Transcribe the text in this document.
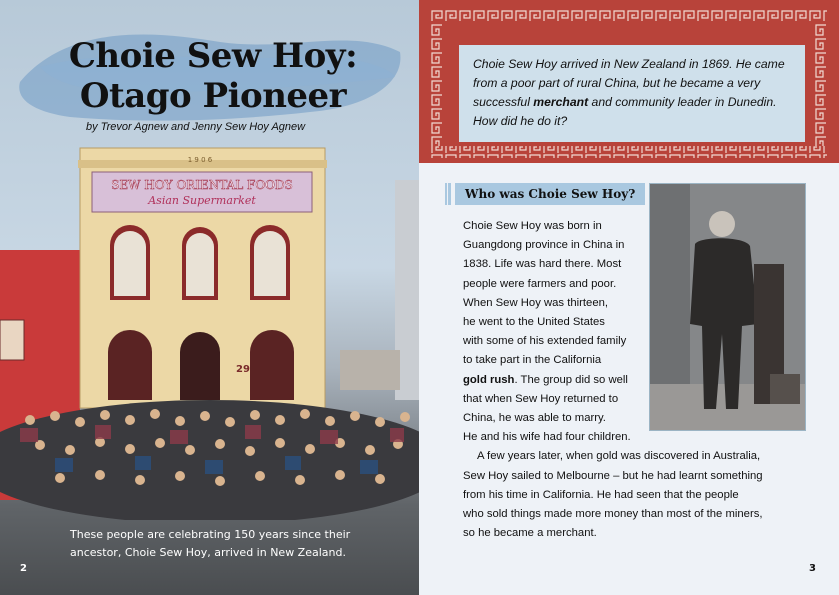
Choie Sew Hoy:
Otago Pioneer

by Trevor Agnew and Jenny Sew Hoy Agnew

1 9 0 6
SEW HOY ORIENTAL FOODS
Asian Supermarket
29

These people are celebrating 150 years since their ancestor, Choie Sew Hoy, arrived in New Zealand.

2

Choie Sew Hoy arrived in New Zealand in 1869. He came from a poor part of rural China, but he became a very successful merchant and community leader in Dunedin. How did he do it?

Who was Choie Sew Hoy?
Choie Sew Hoy was born in
Guangdong province in China in
1838. Life was hard there. Most
people were farmers and poor.
When Sew Hoy was thirteen,
he went to the United States
with some of his extended family
to take part in the California
gold rush. The group did so well
that when Sew Hoy returned to
China, he was able to marry.
He and his wife had four children.
A few years later, when gold was discovered in Australia,
Sew Hoy sailed to Melbourne – but he had learnt something
from his time in California. He had seen that the people
who sold things made more money than most of the miners,
so he became a merchant.
3
